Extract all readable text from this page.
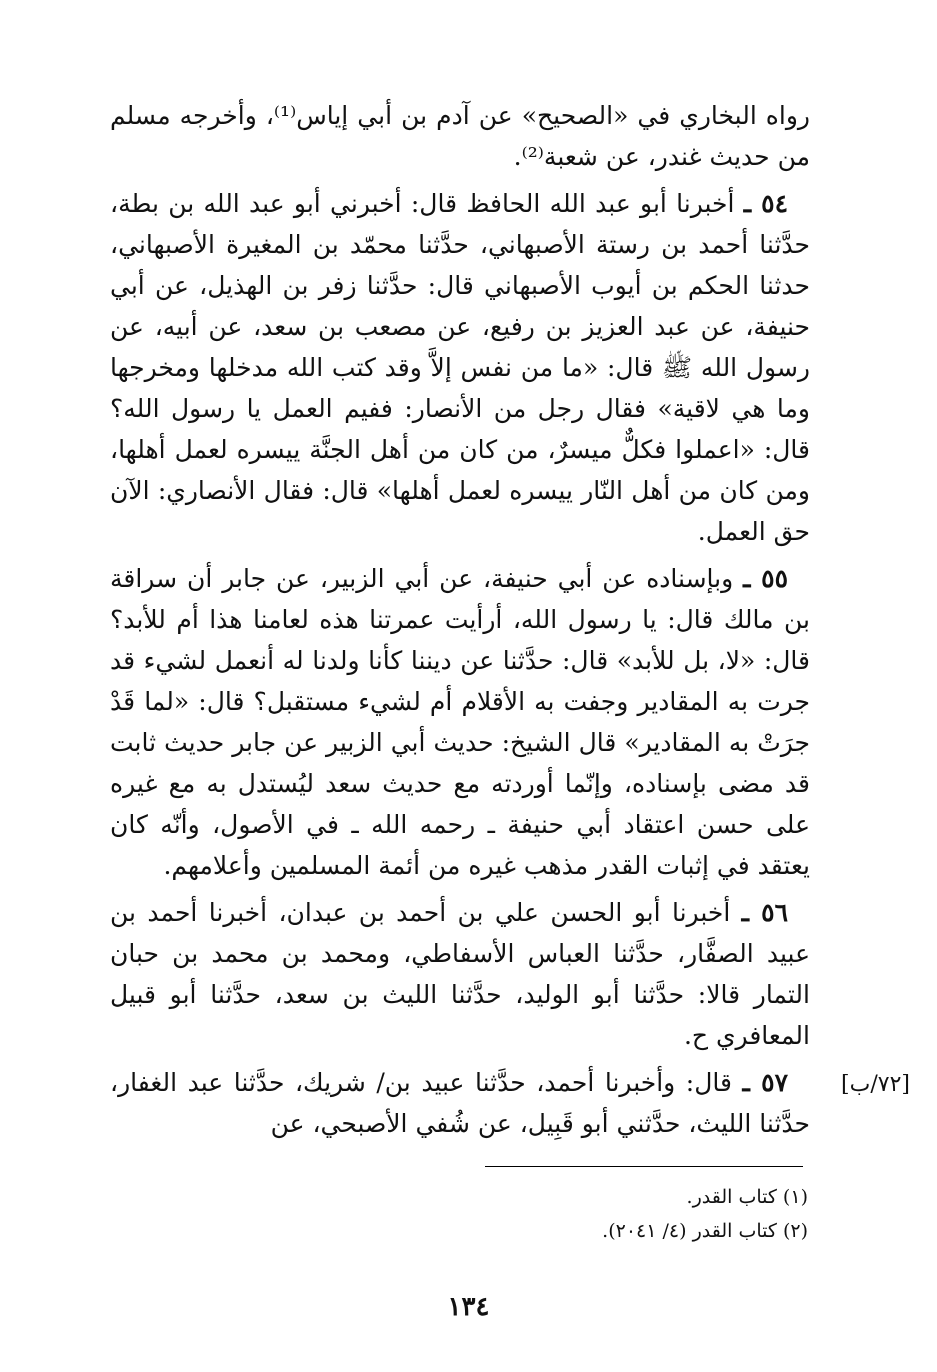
رواه البخاري في «الصحيح» عن آدم بن أبي إياس⁽¹⁾، وأخرجه مسلم من حديث غندر، عن شعبة⁽²⁾.

٥٤ ـ أخبرنا أبو عبد الله الحافظ قال: أخبرني أبو عبد الله بن بطة، حدَّثنا أحمد بن رستة الأصبهاني، حدَّثنا محمّد بن المغيرة الأصبهاني، حدثنا الحكم بن أيوب الأصبهاني قال: حدَّثنا زفر بن الهذيل، عن أبي حنيفة، عن عبد العزيز بن رفيع، عن مصعب بن سعد، عن أبيه، عن رسول الله ﷺ قال: «ما من نفس إلاَّ وقد كتب الله مدخلها ومخرجها وما هي لاقية» فقال رجل من الأنصار: ففيم العمل يا رسول الله؟ قال: «اعملوا فكلٌّ ميسرٌ، من كان من أهل الجنَّة ييسره لعمل أهلها، ومن كان من أهل النّار ييسره لعمل أهلها» قال: فقال الأنصاري: الآن حق العمل.

٥٥ ـ وبإسناده عن أبي حنيفة، عن أبي الزبير، عن جابر أن سراقة بن مالك قال: يا رسول الله، أرأيت عمرتنا هذه لعامنا هذا أم للأبد؟ قال: «لا، بل للأبد» قال: حدَّثنا عن ديننا كأنا ولدنا له أنعمل لشيء قد جرت به المقادير وجفت به الأقلام أم لشيء مستقبل؟ قال: «لما قَدْ جرَتْ به المقادير» قال الشيخ: حديث أبي الزبير عن جابر حديث ثابت قد مضى بإسناده، وإنّما أوردته مع حديث سعد ليُستدل به مع غيره على حسن اعتقاد أبي حنيفة ـ رحمه الله ـ في الأصول، وأنّه كان يعتقد في إثبات القدر مذهب غيره من أئمة المسلمين وأعلامهم.

٥٦ ـ أخبرنا أبو الحسن علي بن أحمد بن عبدان، أخبرنا أحمد بن عبيد الصفَّار، حدَّثنا العباس الأسفاطي، ومحمد بن محمد بن حبان التمار قالا: حدَّثنا أبو الوليد، حدَّثنا الليث بن سعد، حدَّثنا أبو قبيل المعافري ح.

٥٧ ـ قال: وأخبرنا أحمد، حدَّثنا عبيد بن/ شريك، حدَّثنا عبد الغفار، حدَّثنا الليث، حدَّثني أبو قَبِيل، عن شُفي الأصبحي، عن

[٧٢/ب]
(١) كتاب القدر.
(٢) كتاب القدر (٤/ ٢٠٤١).
١٣٤
